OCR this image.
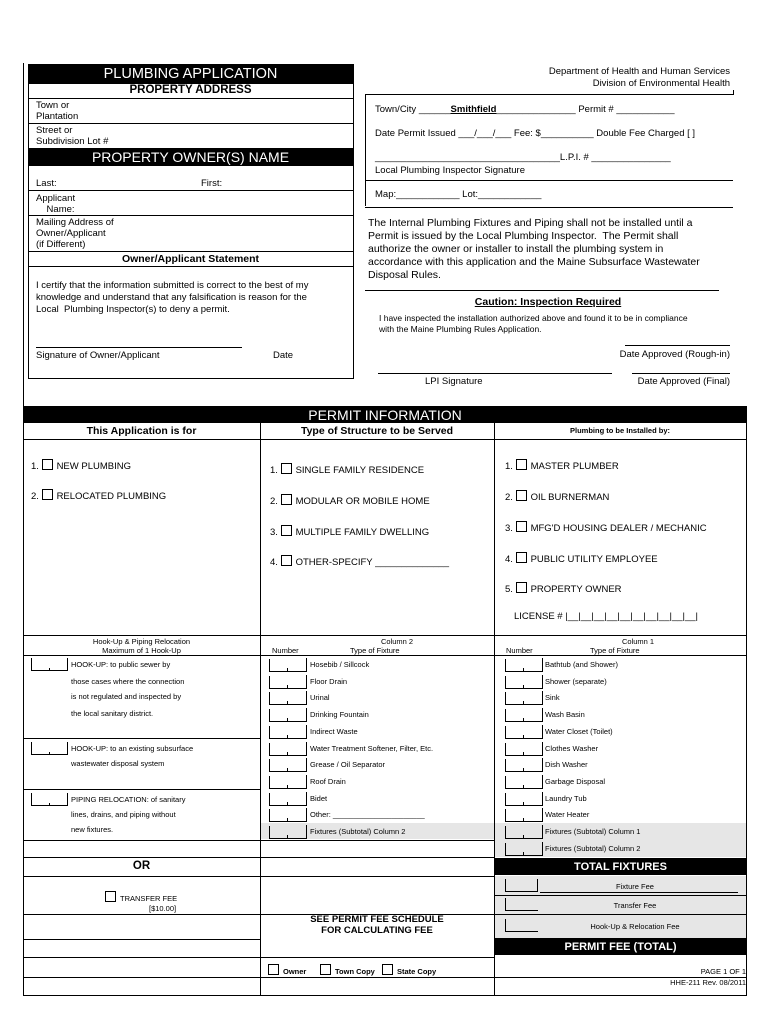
PLUMBING APPLICATION
PROPERTY ADDRESS
Town or
Plantation
Street or
Subdivision Lot #
PROPERTY OWNER(S) NAME
Last:	First:
Applicant
Name:
Mailing Address of
Owner/Applicant
(if Different)
Owner/Applicant Statement
I certify that the information submitted is correct to the best of my
knowledge and understand that any falsification is reason for the
Local  Plumbing Inspector(s) to deny a permit.
Signature of Owner/Applicant	Date
Department of Health and Human Services
Division of Environmental Health
Town/City ______Smithfield_______________ Permit # ___________
Date Permit Issued ___/___/___ Fee: $__________ Double Fee Charged [ ]
___________________________________L.P.I. # _______________
Local Plumbing Inspector Signature
Map:____________ Lot:____________
The Internal Plumbing Fixtures and Piping shall not be installed until a
Permit is issued by the Local Plumbing Inspector.  The Permit shall
authorize the owner or installer to install the plumbing system in
accordance with this application and the Maine Subsurface Wastewater
Disposal Rules.
Caution: Inspection Required
I have inspected the installation authorized above and found it to be in compliance
with the Maine Plumbing Rules Application.
Date Approved (Rough-in)
LPI Signature	Date Approved (Final)
PERMIT INFORMATION
This Application is for	Type of Structure to be Served	Plumbing to be Installed by:
1. NEW PLUMBING
2. RELOCATED PLUMBING
1. SINGLE FAMILY RESIDENCE
2. MODULAR OR MOBILE HOME
3. MULTIPLE FAMILY DWELLING
4. OTHER-SPECIFY ______________
1. MASTER PLUMBER
2. OIL BURNERMAN
3. MFG'D HOUSING DEALER / MECHANIC
4. PUBLIC UTILITY EMPLOYEE
5. PROPERTY OWNER
LICENSE # |__|__|__|__|__|__|__|__|__|__|
Hook-Up & Piping Relocation
Maximum of 1 Hook-Up
Column 2
Number	Type of Fixture
Column 1
Number	Type of Fixture
HOOK-UP: to public sewer by
those cases where the connection
is not regulated and inspected by
the local sanitary district.
HOOK-UP: to an existing subsurface
wastewater disposal system
PIPING RELOCATION: of sanitary
lines, drains, and piping without
new fixtures.
Hosebib / Sillcock
Floor Drain
Urinal
Drinking Fountain
Indirect Waste
Water Treatment Softener, Filter, Etc.
Grease / Oil Separator
Roof Drain
Bidet
Other: ______________________
Fixtures (Subtotal) Column 2
Bathtub (and Shower)
Shower (separate)
Sink
Wash Basin
Water Closet (Toilet)
Clothes Washer
Dish Washer
Garbage Disposal
Laundry Tub
Water Heater
Fixtures (Subtotal) Column 1
Fixtures (Subtotal) Column 2
OR
TRANSFER FEE
[$10.00]
SEE PERMIT FEE SCHEDULE
FOR CALCULATING FEE
TOTAL FIXTURES
Fixture Fee
Transfer Fee
Hook-Up & Relocation Fee
PERMIT FEE (TOTAL)
Owner	Town Copy	State Copy	PAGE 1 OF 1
HHE-211 Rev. 08/2011
